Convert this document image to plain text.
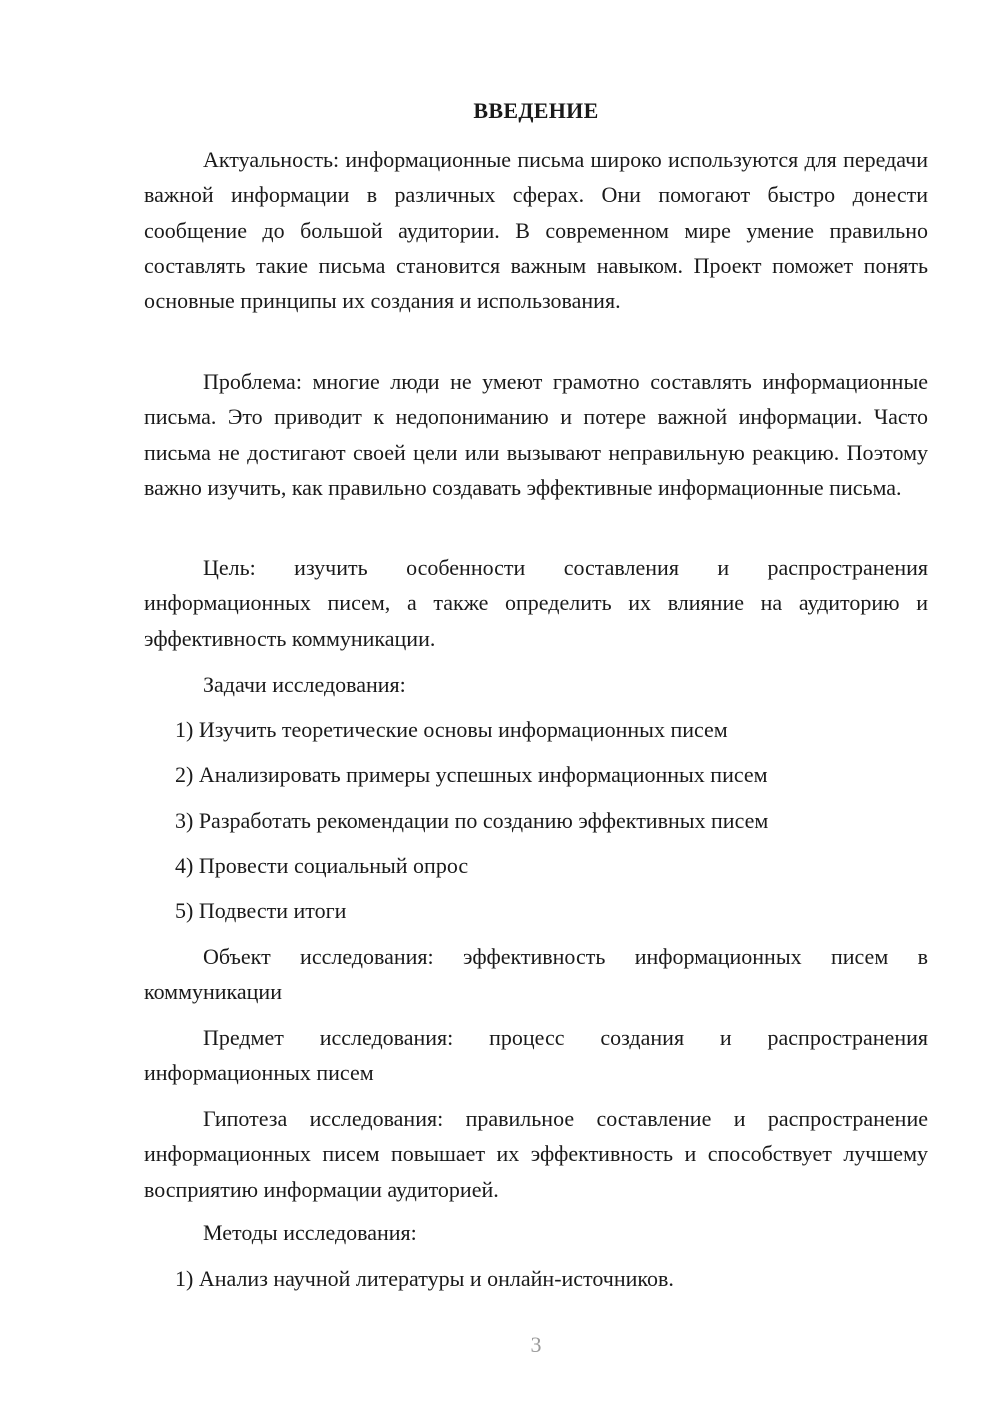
ВВЕДЕНИЕ

Актуальность: информационные письма широко используются для передачи важной информации в различных сферах. Они помогают быстро донести сообщение до большой аудитории. В современном мире умение правильно составлять такие письма становится важным навыком. Проект поможет понять основные принципы их создания и использования.

Проблема: многие люди не умеют грамотно составлять информационные письма. Это приводит к недопониманию и потере важной информации. Часто письма не достигают своей цели или вызывают неправильную реакцию. Поэтому важно изучить, как правильно создавать эффективные информационные письма.

Цель: изучить особенности составления и распространения информационных писем, а также определить их влияние на аудиторию и эффективность коммуникации.

Задачи исследования:
1) Изучить теоретические основы информационных писем
2) Анализировать примеры успешных информационных писем
3) Разработать рекомендации по созданию эффективных писем
4) Провести социальный опрос
5) Подвести итоги

Объект исследования: эффективность информационных писем в коммуникации

Предмет исследования: процесс создания и распространения информационных писем

Гипотеза исследования: правильное составление и распространение информационных писем повышает их эффективность и способствует лучшему восприятию информации аудиторией.

Методы исследования:
1) Анализ научной литературы и онлайн-источников.
3
